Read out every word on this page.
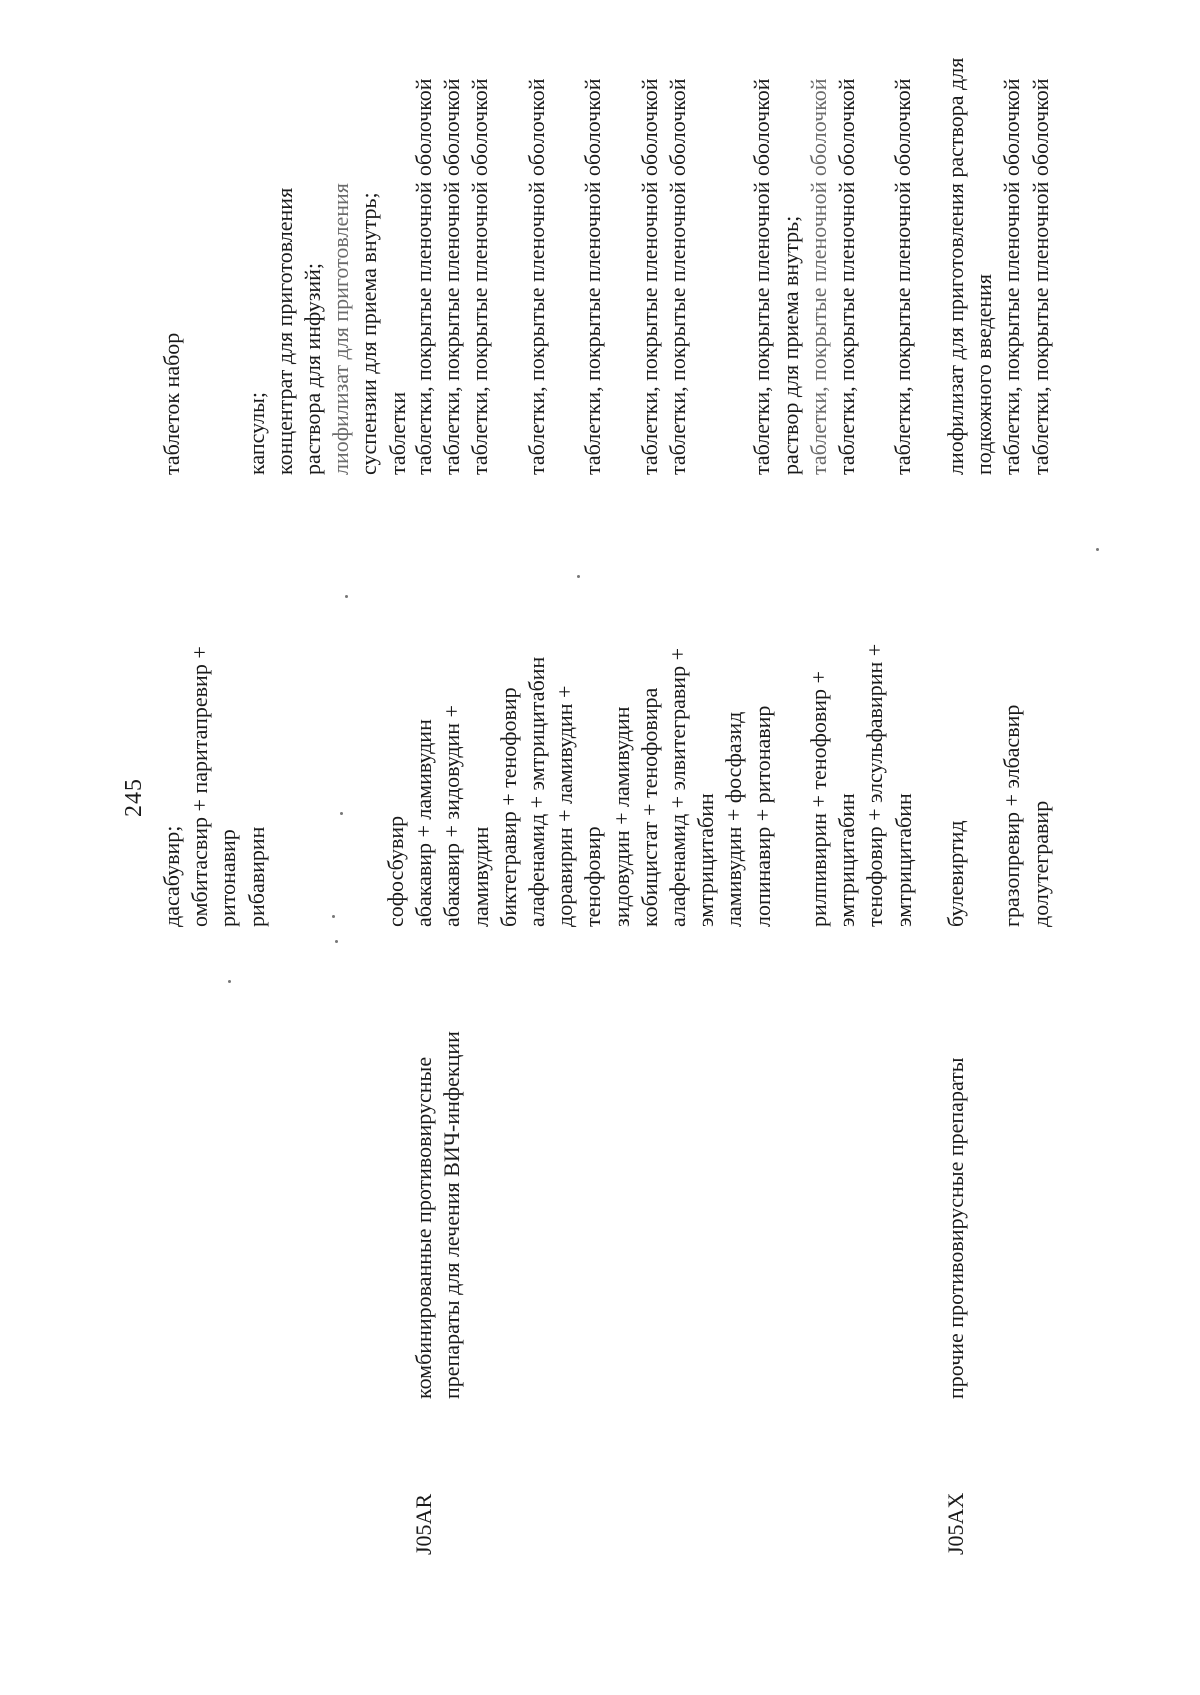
245
дасабувир; омбитасвир + паритапревир + ритонавир рибавирин
таблеток набор

	капсулы; концентрат для приготовления раствора для инфузий; лиофилизат для приготовления суспензии для приема внутрь; таблетки
J05AR
комбинированные противовирусные препараты для лечения ВИЧ-инфекции
софосбувир абакавир + ламивудин абакавир + зидовудин + ламивудин биктегравир + тенофовир алафенамид + эмтрицитабин доравирин + ламивудин + тенофовир зидовудин + ламивудин кобицистат + тенофовира алафенамид + элвитегравир + эмтрицитабин ламивудин + фосфазид лопинавир + ритонавир
рилпивирин + тенофовир + эмтрицитабин тенофовир + элсульфавирин + эмтрицитабин
таблетки, покрытые пленочной оболочкой таблетки, покрытые пленочной оболочкой таблетки, покрытые пленочной оболочкой
таблетки, покрытые пленочной оболочкой
таблетки, покрытые пленочной оболочкой
таблетки, покрытые пленочной оболочкой таблетки, покрытые пленочной оболочкой

	таблетки, покрытые пленочной оболочкой раствор для приема внутрь; таблетки, покрытые пленочной оболочкой таблетки, покрытые пленочной оболочкой
таблетки, покрытые пленочной оболочкой

J05AX
прочие противовирусные препараты
булевиртид
гразопревир + элбасвир долутегравир
лиофилизат для приготовления раствора для подкожного введения таблетки, покрытые пленочной оболочкой таблетки, покрытые пленочной оболочкой
